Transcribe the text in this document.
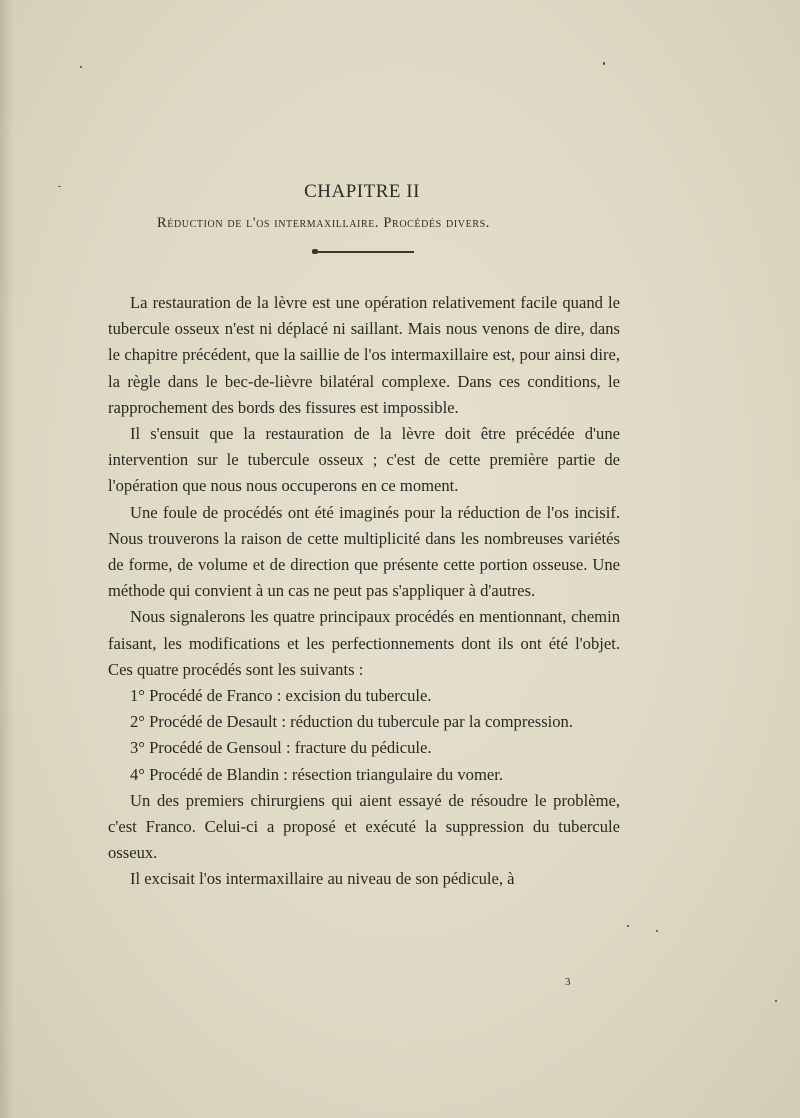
CHAPITRE II
Réduction de l'os intermaxillaire. Procédés divers.

La restauration de la lèvre est une opération relativement facile quand le tubercule osseux n'est ni déplacé ni saillant. Mais nous venons de dire, dans le chapitre précédent, que la saillie de l'os intermaxillaire est, pour ainsi dire, la règle dans le bec-de-lièvre bilatéral complexe. Dans ces conditions, le rapprochement des bords des fissures est impossible.

Il s'ensuit que la restauration de la lèvre doit être précédée d'une intervention sur le tubercule osseux ; c'est de cette première partie de l'opération que nous nous occuperons en ce moment.

Une foule de procédés ont été imaginés pour la réduction de l'os incisif. Nous trouverons la raison de cette multiplicité dans les nombreuses variétés de forme, de volume et de direction que présente cette portion osseuse. Une méthode qui convient à un cas ne peut pas s'appliquer à d'autres.

Nous signalerons les quatre principaux procédés en mentionnant, chemin faisant, les modifications et les perfectionnements dont ils ont été l'objet. Ces quatre procédés sont les suivants :

1° Procédé de Franco : excision du tubercule.

2° Procédé de Desault : réduction du tubercule par la compression.

3° Procédé de Gensoul : fracture du pédicule.

4° Procédé de Blandin : résection triangulaire du vomer.

Un des premiers chirurgiens qui aient essayé de résoudre le problème, c'est Franco. Celui-ci a proposé et exécuté la suppression du tubercule osseux.

Il excisait l'os intermaxillaire au niveau de son pédicule, à

3
